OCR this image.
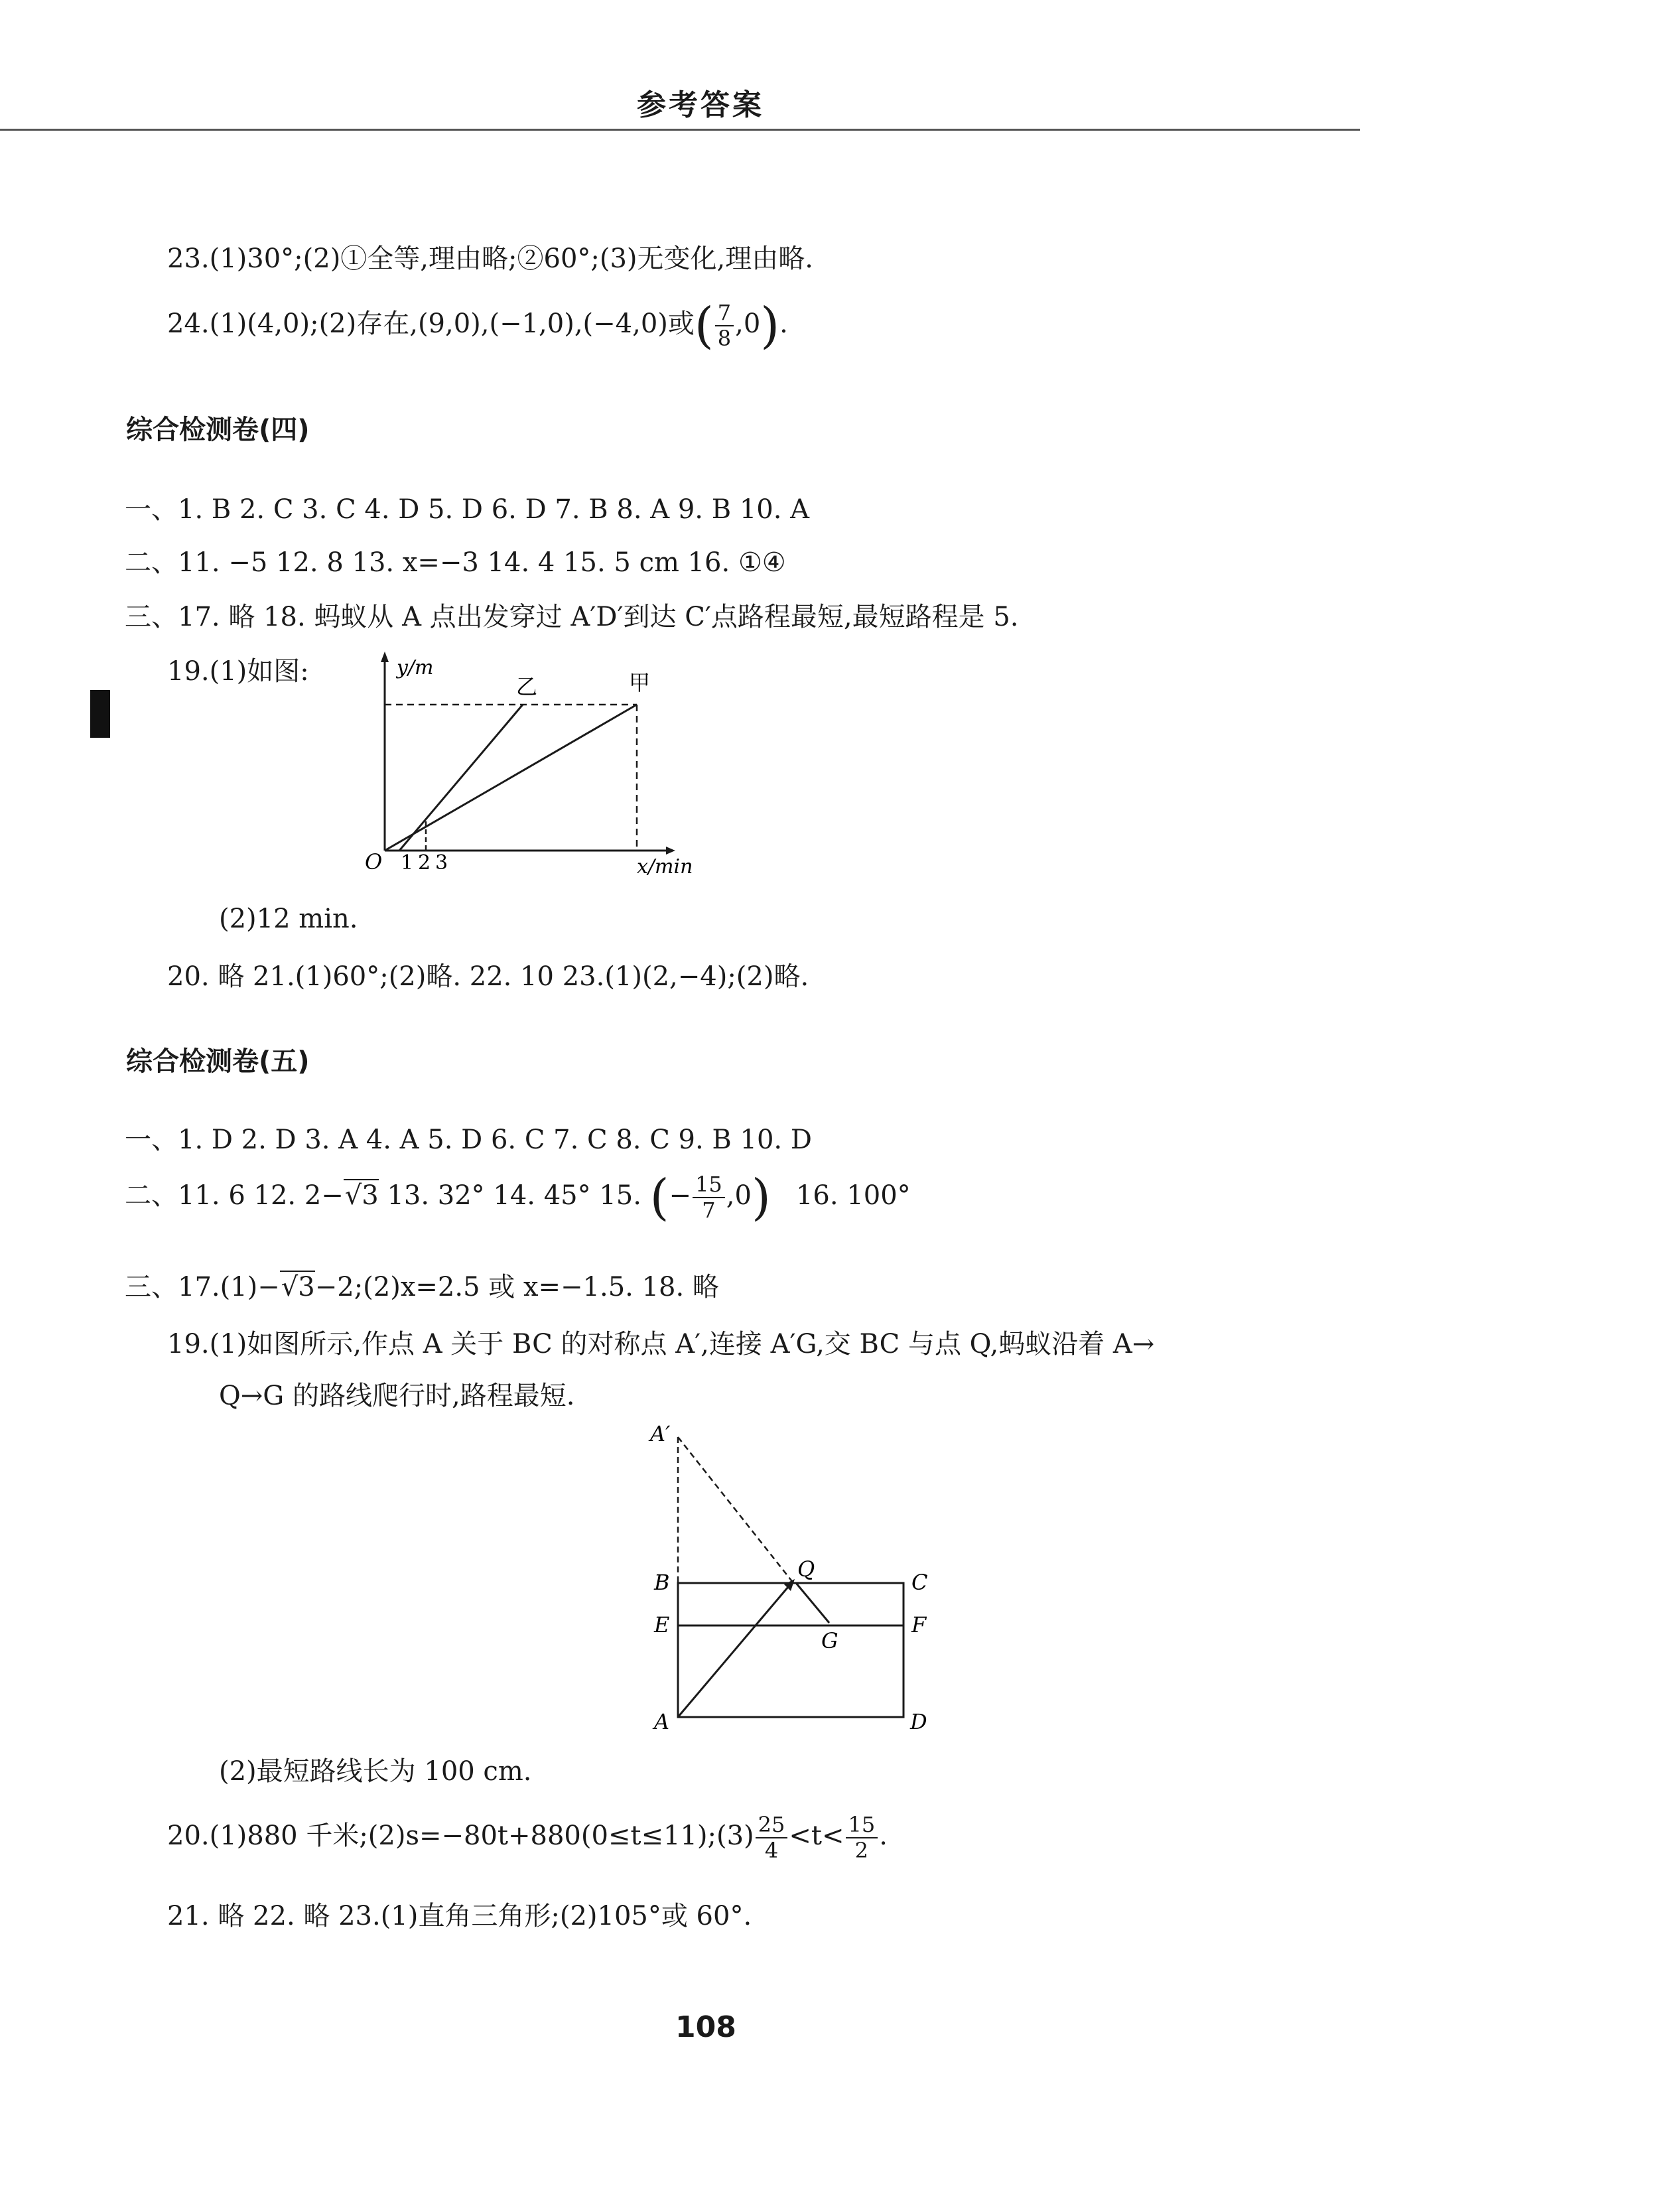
参考答案
23.(1)30°;(2)①全等,理由略;②60°;(3)无变化,理由略.
24.(1)(4,0);(2)存在,(9,0),(−1,0),(−4,0)或( $\frac{7}{8} ,0$).
综合检测卷(四)
一、1. B 2. C 3. C 4. D 5. D 6. D 7. B 8. A 9. B 10. A
二、11. −5 12. 8 13. x=−3 14. 4 15. 5 cm 16. ①④
三、17. 略 18. 蚂蚁从 A 点出发穿过 A′D′到达 C′点路程最短,最短路程是 5.
19.(1)如图:	y/m
x/min
O 1 2 3
乙	甲
(2)12 min.
20. 略 21.(1)60°;(2)略. 22. 10 23.(1)(2,−4);(2)略.
综合检测卷(五)
一、1. D 2. D 3. A 4. A 5. D 6. C 7. C 8. C 9. B 10. D
二、11. 6 12. 2−√3 13. 32° 14. 45° 15. (− $\frac{15}{7} ,0$) 16. 100°
三、17.(1)−√3−2;(2)x=2.5 或 x=−1.5. 18. 略
19.(1)如图所示,作点 A 关于 BC 的对称点 A′,连接 A′G,交 BC 与点 Q,蚂蚁沿着 A→
Q→G 的路线爬行时,路程最短.
A′
B	C
E	F
Q
G
A	D
(2)最短路线长为 100 cm.
20.(1)880 千米;(2)s=−80t+880(0≤t≤11);(3) $\frac{25}{4} <t< \frac{15}{2}$ .
21. 略 22. 略 23.(1)直角三角形;(2)105°或 60°.
108
